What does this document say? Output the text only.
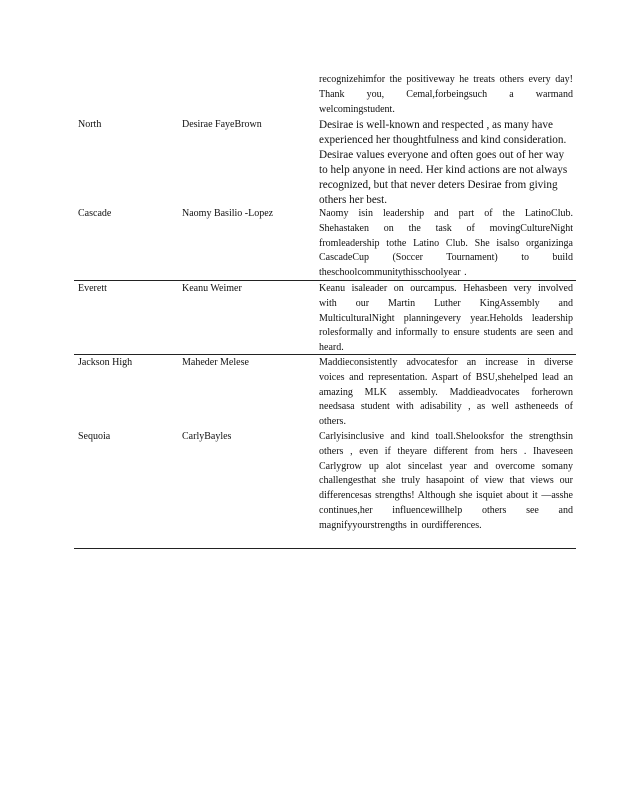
recognizehimfor the positiveway he treats others every day! Thank you, Cemal,forbeingsuch a warmand welcomingstudent.
North	Desirae FayeBrown	Desirae is well-known and respected , as many have experienced her thoughtfulness and kind consideration. Desirae values everyone and often goes out of her way to help anyone in need. Her kind actions are not always recognized, but that never deters Desirae from giving others her best.
Cascade	Naomy Basilio -Lopez	Naomy isin leadership and part of the LatinoClub. Shehastaken on the task of movingCultureNight fromleadership tothe Latino Club. She isalso organizinga CascadeCup (Soccer Tournament) to build theschoolcommunitythisschoolyear .
Everett	Keanu Weimer	Keanu isaleader on ourcampus. Hehasbeen very involved with our Martin Luther KingAssembly and MulticulturalNight planningevery year.Heholds leadership rolesformally and informally to ensure students are seen and heard.
Jackson High	Maheder Melese	Maddieconsistently advocatesfor an increase in diverse voices and representation. Aspart of BSU,shehelped lead an amazing MLK assembly. Maddieadvocates forherown needsasa student with adisability , as well astheneeds of others.
Sequoia	CarlyBayles	Carlyisinclusive and kind toall.Shelooksfor the strengthsin others , even if theyare different from hers . Ihaveseen Carlygrow up alot sincelast year and overcome somany challengesthat she truly hasapoint of view that views our differencesas strengths! Although she isquiet about it —asshe continues,her influencewillhelp others see and magnifyyourstrengths in ourdifferences.
